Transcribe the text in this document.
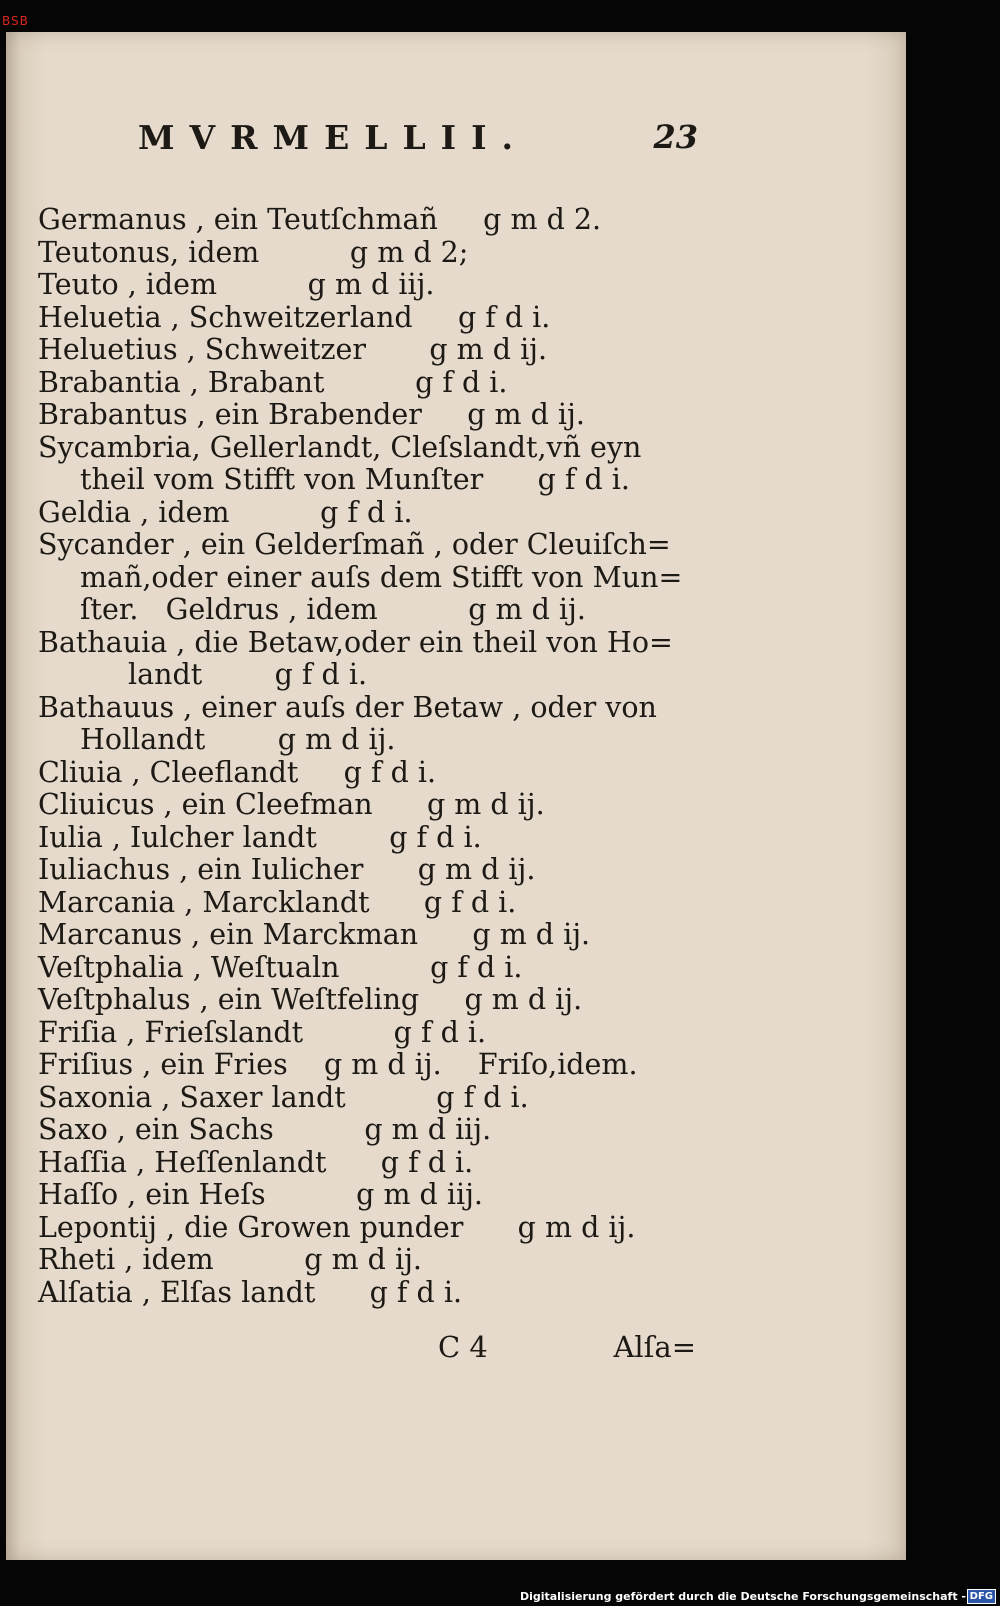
BSB
MVRMELLII.	23
Germanus , ein Teutſchmañ     g m d 2.
Teutonus, idem          g m d 2;
Teuto , idem          g m d iij.
Heluetia , Schweitzerland     g f d i.
Heluetius , Schweitzer       g m d ij.
Brabantia , Brabant          g f d i.
Brabantus , ein Brabender     g m d ij.
Sycambria, Gellerlandt, Cleſslandt,vñ eyn
theil vom Stifft von Munſter      g f d i.
Geldia , idem          g f d i.
Sycander , ein Gelderſmañ , oder Cleuiſch=
mañ,oder einer auſs dem Stifft von Mun=
ſter.   Geldrus , idem          g m d ij.
Bathauia , die Betaw,oder ein theil von Ho=
landt        g f d i.
Bathauus , einer auſs der Betaw , oder von
Hollandt        g m d ij.
Cliuia , Cleeflandt     g f d i.
Cliuicus , ein Cleefman      g m d ij.
Iulia , Iulcher landt        g f d i.
Iuliachus , ein Iulicher      g m d ij.
Marcania , Marcklandt      g f d i.
Marcanus , ein Marckman      g m d ij.
Veſtphalia , Weſtualn          g f d i.
Veſtphalus , ein Weſtfeling     g m d ij.
Friſia , Frieſslandt          g f d i.
Friſius , ein Fries    g m d ij.    Friſo,idem.
Saxonia , Saxer landt          g f d i.
Saxo , ein Sachs          g m d iij.
Haſſia , Heſſenlandt      g f d i.
Haſſo , ein Heſs          g m d iij.
Lepontij , die Growen punder      g m d ij.
Rheti , idem          g m d ij.
Alſatia , Elſas landt      g f d i.
C 4	Alſa=
Digitalisierung gefördert durch die Deutsche Forschungsgemeinschaft - DFG
